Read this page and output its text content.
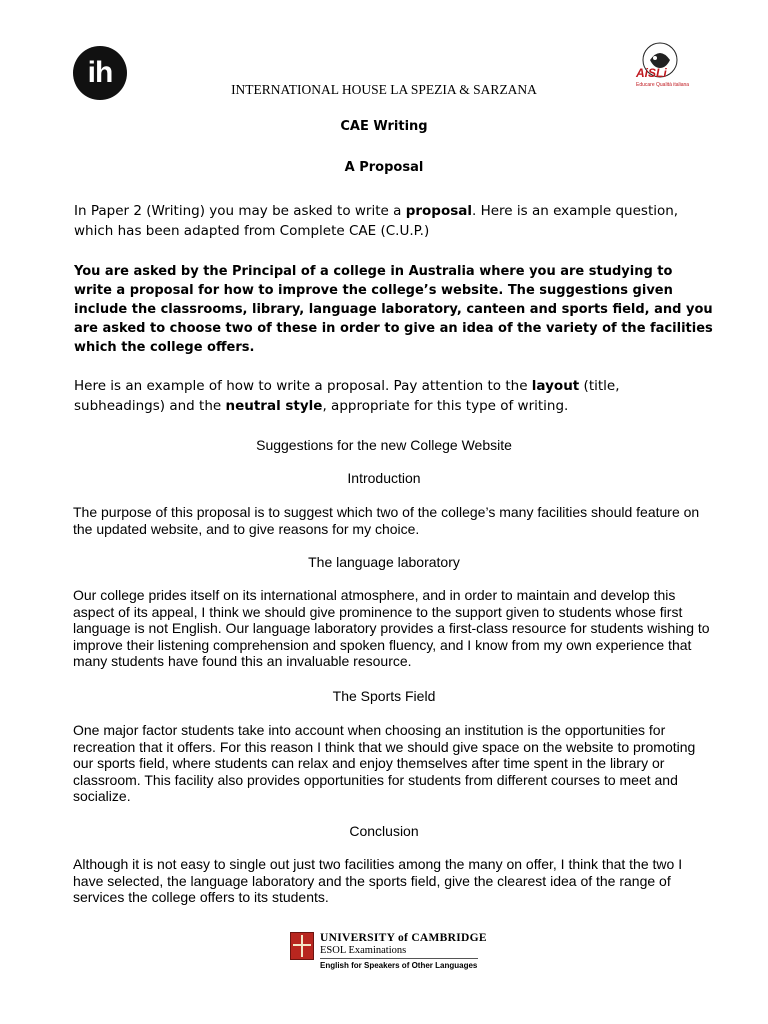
ih	AiSLi
Educare Qualità italiana
INTERNATIONAL HOUSE LA SPEZIA & SARZANA
CAE Writing
A Proposal
In Paper 2 (Writing) you may be asked to write a proposal. Here is an example question, which has been adapted from Complete CAE (C.U.P.)
You are asked by the Principal of a college in Australia where you are studying to write a proposal for how to improve the college’s website. The suggestions given include the classrooms, library, language laboratory, canteen and sports field, and you are asked to choose two of these in order to give an idea of the variety of the facilities which the college offers.
Here is an example of how to write a proposal. Pay attention to the layout (title, subheadings) and the neutral style, appropriate for this type of writing.
Suggestions for the new College Website
Introduction
The purpose of this proposal is to suggest which two of the college’s many facilities should feature on the updated website, and to give reasons for my choice.
The language laboratory
Our college prides itself on its international atmosphere, and in order to maintain and develop this aspect of its appeal, I think we should give prominence to the support given to students whose first language is not English. Our language laboratory provides a first-class resource for students wishing to improve their listening comprehension and spoken fluency, and I know from my own experience that many students have found this an invaluable resource.
The Sports Field
One major factor students take into account when choosing an institution is the opportunities for recreation that it offers. For this reason I think that we should give space on the website to promoting our sports field, where students can relax and enjoy themselves after time spent in the library or classroom. This facility also provides opportunities for students from different courses to meet and socialize.
Conclusion
Although it is not easy to single out just two facilities among the many on offer, I think that the two I have selected, the language laboratory and the sports field, give the clearest idea of the range of services the college offers to its students.
UNIVERSITY of CAMBRIDGE
ESOL Examinations
English for Speakers of Other Languages
